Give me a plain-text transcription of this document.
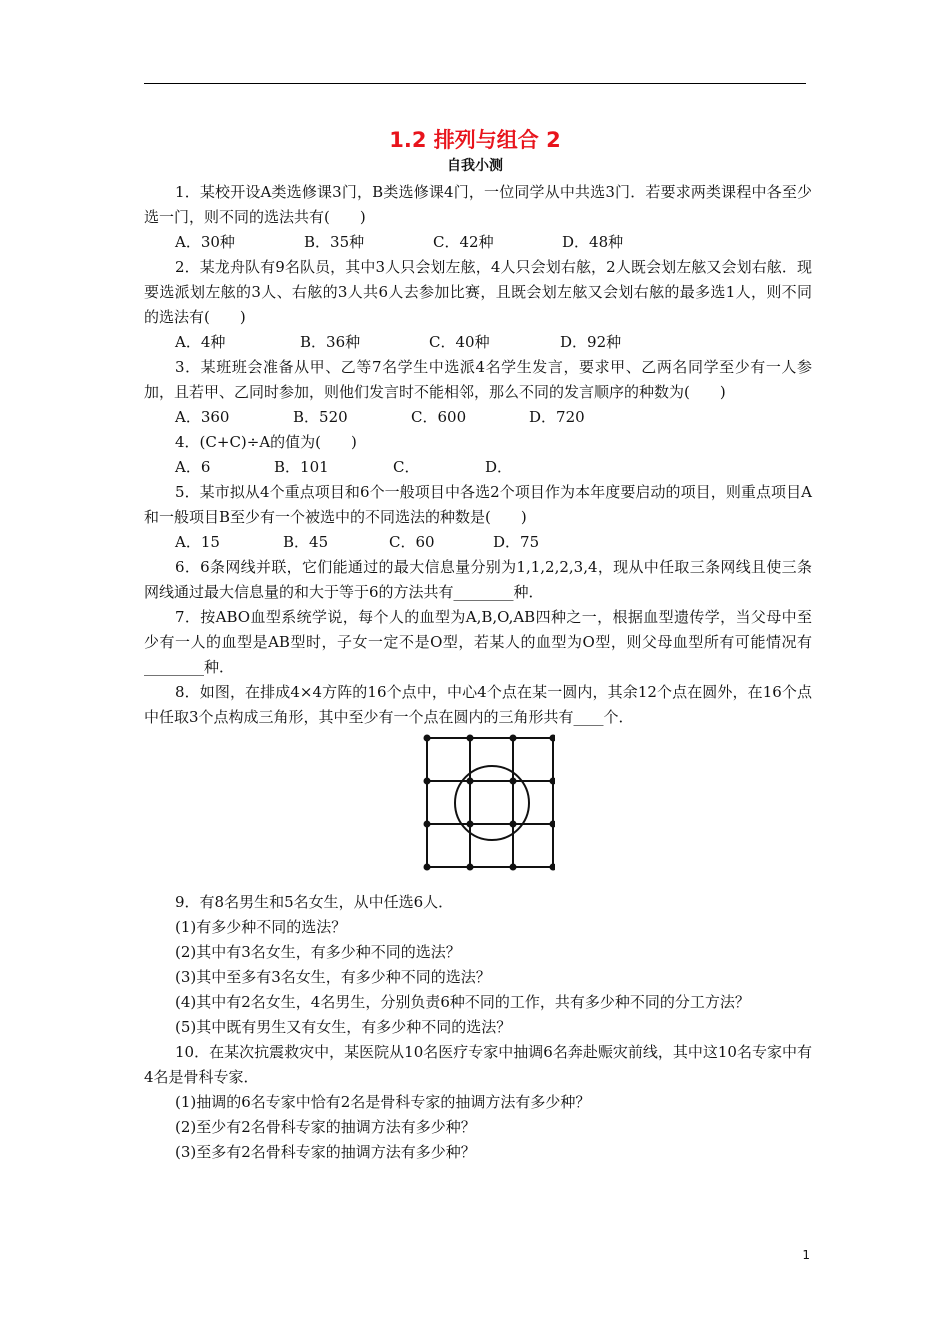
1.2 排列与组合 2
自我小测

1．某校开设A类选修课3门，B类选修课4门，一位同学从中共选3门．若要求两类课程中各至少选一门，则不同的选法共有(　　)

A．30种	B．35种	C．42种	D．48种

2．某龙舟队有9名队员，其中3人只会划左舷，4人只会划右舷，2人既会划左舷又会划右舷．现要选派划左舷的3人、右舷的3人共6人去参加比赛，且既会划左舷又会划右舷的最多选1人，则不同的选法有(　　)

A．4种	B．36种	C．40种	D．92种

3．某班班会准备从甲、乙等7名学生中选派4名学生发言，要求甲、乙两名同学至少有一人参加，且若甲、乙同时参加，则他们发言时不能相邻，那么不同的发言顺序的种数为(　　)

A．360	B．520	C．600	D．720

4．(C+C)÷A的值为(　　)

A．6	B．101	C．	D．

5．某市拟从4个重点项目和6个一般项目中各选2个项目作为本年度要启动的项目，则重点项目A和一般项目B至少有一个被选中的不同选法的种数是(　　)

A．15	B．45	C．60	D．75

6．6条网线并联，它们能通过的最大信息量分别为1,1,2,2,3,4，现从中任取三条网线且使三条网线通过最大信息量的和大于等于6的方法共有________种．

7．按ABO血型系统学说，每个人的血型为A,B,O,AB四种之一，根据血型遗传学，当父母中至少有一人的血型是AB型时，子女一定不是O型，若某人的血型为O型，则父母血型所有可能情况有________种．

8．如图，在排成4×4方阵的16个点中，中心4个点在某一圆内，其余12个点在圆外，在16个点中任取3个点构成三角形，其中至少有一个点在圆内的三角形共有____个．

9．有8名男生和5名女生，从中任选6人．

(1)有多少种不同的选法？

(2)其中有3名女生，有多少种不同的选法？

(3)其中至多有3名女生，有多少种不同的选法？

(4)其中有2名女生，4名男生，分别负责6种不同的工作，共有多少种不同的分工方法？

(5)其中既有男生又有女生，有多少种不同的选法？

10．在某次抗震救灾中，某医院从10名医疗专家中抽调6名奔赴赈灾前线，其中这10名专家中有4名是骨科专家．

(1)抽调的6名专家中恰有2名是骨科专家的抽调方法有多少种？

(2)至少有2名骨科专家的抽调方法有多少种？

(3)至多有2名骨科专家的抽调方法有多少种？

1
